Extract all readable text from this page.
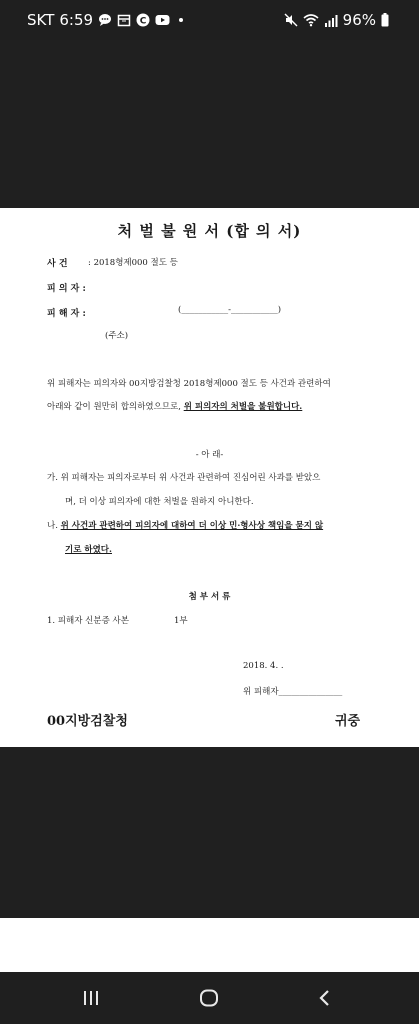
SKT 6:59	C	96%
처 벌 불 원 서 (합 의 서)
사 건 : 2018형제000 절도 등
피 의 자 :
피 해 자 :	(___________-___________)
(주소)
위 피해자는 피의자와 00지방검찰청 2018형제000 절도 등 사건과 관련하여
아래와 같이 원만히 합의하였으므로, 위 피의자의 처벌을 불원합니다.
- 아 래-
가. 위 피해자는 피의자로부터 위 사건과 관련하여 진심어린 사과를 받았으
며, 더 이상 피의자에 대한 처벌을 원하지 아니한다.
나. 위 사건과 관련하여 피의자에 대하여 더 이상 민·형사상 책임을 묻지 않
기로 하였다.
첨 부 서 류
1. 피해자 신분증 사본	1부
2018. 4. .
위 피해자_______________
00지방검찰청	귀중
